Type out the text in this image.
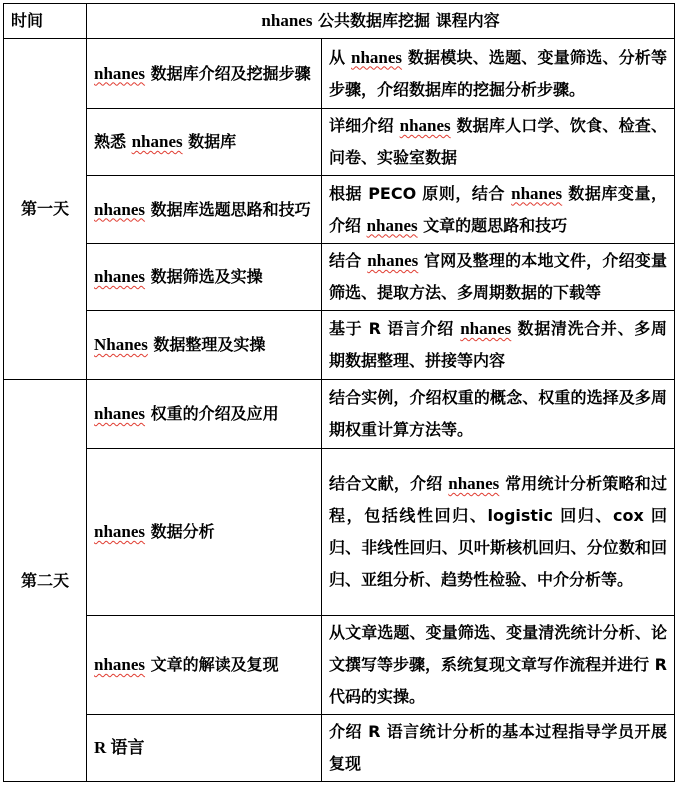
时间	nhanes 公共数据库挖掘 课程内容	
第一天	nhanes 数据库介绍及挖掘步骤	从 nhanes 数据模块、选题、变量筛选、分析等步骤，介绍数据库的挖掘分析步骤。
	熟悉 nhanes 数据库	详细介绍 nhanes 数据库人口学、饮食、检查、问卷、实验室数据
	nhanes 数据库选题思路和技巧	根据 PECO 原则，结合 nhanes 数据库变量，介绍 nhanes 文章的题思路和技巧
	nhanes 数据筛选及实操	结合 nhanes 官网及整理的本地文件，介绍变量筛选、提取方法、多周期数据的下载等
	Nhanes 数据整理及实操	基于 R 语言介绍 nhanes 数据清洗合并、多周期数据整理、拼接等内容
第二天	nhanes 权重的介绍及应用	结合实例，介绍权重的概念、权重的选择及多周期权重计算方法等。
	nhanes 数据分析	结合文献，介绍 nhanes 常用统计分析策略和过程，包括线性回归、logistic 回归、cox 回归、非线性回归、贝叶斯核机回归、分位数和回归、亚组分析、趋势性检验、中介分析等。
	nhanes 文章的解读及复现	从文章选题、变量筛选、变量清洗统计分析、论文撰写等步骤，系统复现文章写作流程并进行 R 代码的实操。
	R 语言	介绍 R 语言统计分析的基本过程指导学员开展复现
